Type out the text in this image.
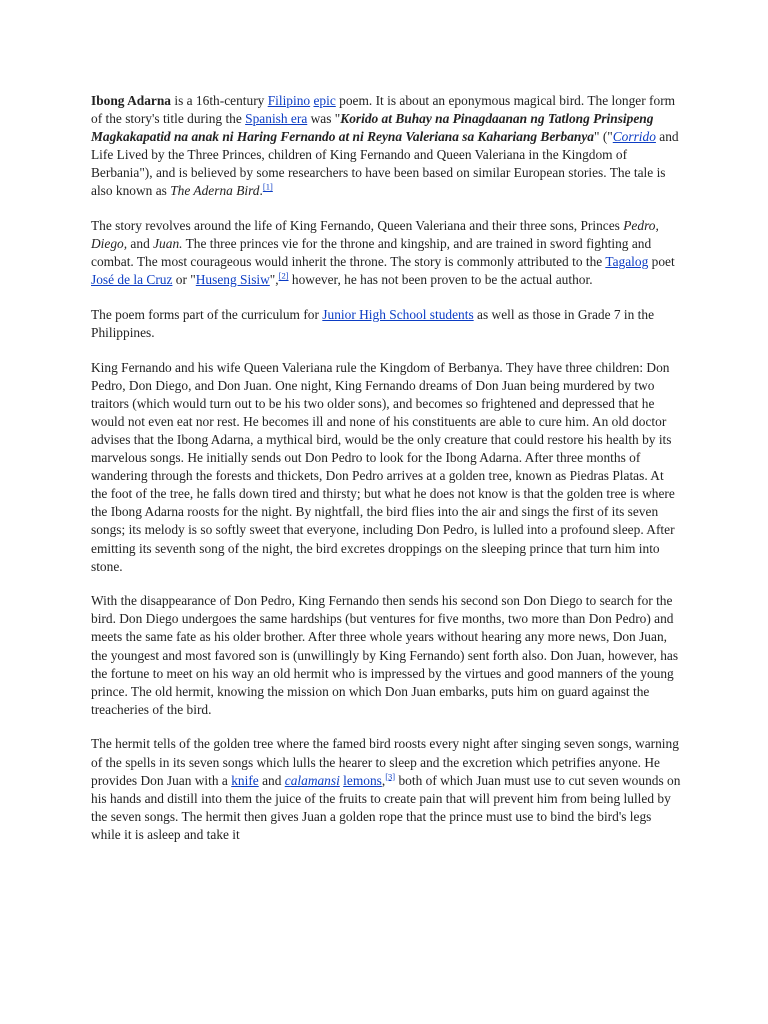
Ibong Adarna is a 16th-century Filipino epic poem. It is about an eponymous magical bird. The longer form of the story's title during the Spanish era was "Korido at Buhay na Pinagdaanan ng Tatlong Prinsipeng Magkakapatid na anak ni Haring Fernando at ni Reyna Valeriana sa Kahariang Berbanya" ("Corrido and Life Lived by the Three Princes, children of King Fernando and Queen Valeriana in the Kingdom of Berbania"), and is believed by some researchers to have been based on similar European stories. The tale is also known as The Aderna Bird.[1]

The story revolves around the life of King Fernando, Queen Valeriana and their three sons, Princes Pedro, Diego, and Juan. The three princes vie for the throne and kingship, and are trained in sword fighting and combat. The most courageous would inherit the throne. The story is commonly attributed to the Tagalog poet José de la Cruz or "Huseng Sisiw",[2] however, he has not been proven to be the actual author.

The poem forms part of the curriculum for Junior High School students as well as those in Grade 7 in the Philippines.

King Fernando and his wife Queen Valeriana rule the Kingdom of Berbanya. They have three children: Don Pedro, Don Diego, and Don Juan. One night, King Fernando dreams of Don Juan being murdered by two traitors (which would turn out to be his two older sons), and becomes so frightened and depressed that he would not even eat nor rest. He becomes ill and none of his constituents are able to cure him. An old doctor advises that the Ibong Adarna, a mythical bird, would be the only creature that could restore his health by its marvelous songs. He initially sends out Don Pedro to look for the Ibong Adarna. After three months of wandering through the forests and thickets, Don Pedro arrives at a golden tree, known as Piedras Platas. At the foot of the tree, he falls down tired and thirsty; but what he does not know is that the golden tree is where the Ibong Adarna roosts for the night. By nightfall, the bird flies into the air and sings the first of its seven songs; its melody is so softly sweet that everyone, including Don Pedro, is lulled into a profound sleep. After emitting its seventh song of the night, the bird excretes droppings on the sleeping prince that turn him into stone.

With the disappearance of Don Pedro, King Fernando then sends his second son Don Diego to search for the bird. Don Diego undergoes the same hardships (but ventures for five months, two more than Don Pedro) and meets the same fate as his older brother. After three whole years without hearing any more news, Don Juan, the youngest and most favored son is (unwillingly by King Fernando) sent forth also. Don Juan, however, has the fortune to meet on his way an old hermit who is impressed by the virtues and good manners of the young prince. The old hermit, knowing the mission on which Don Juan embarks, puts him on guard against the treacheries of the bird.

The hermit tells of the golden tree where the famed bird roosts every night after singing seven songs, warning of the spells in its seven songs which lulls the hearer to sleep and the excretion which petrifies anyone. He provides Don Juan with a knife and calamansi lemons,[3] both of which Juan must use to cut seven wounds on his hands and distill into them the juice of the fruits to create pain that will prevent him from being lulled by the seven songs. The hermit then gives Juan a golden rope that the prince must use to bind the bird's legs while it is asleep and take it
